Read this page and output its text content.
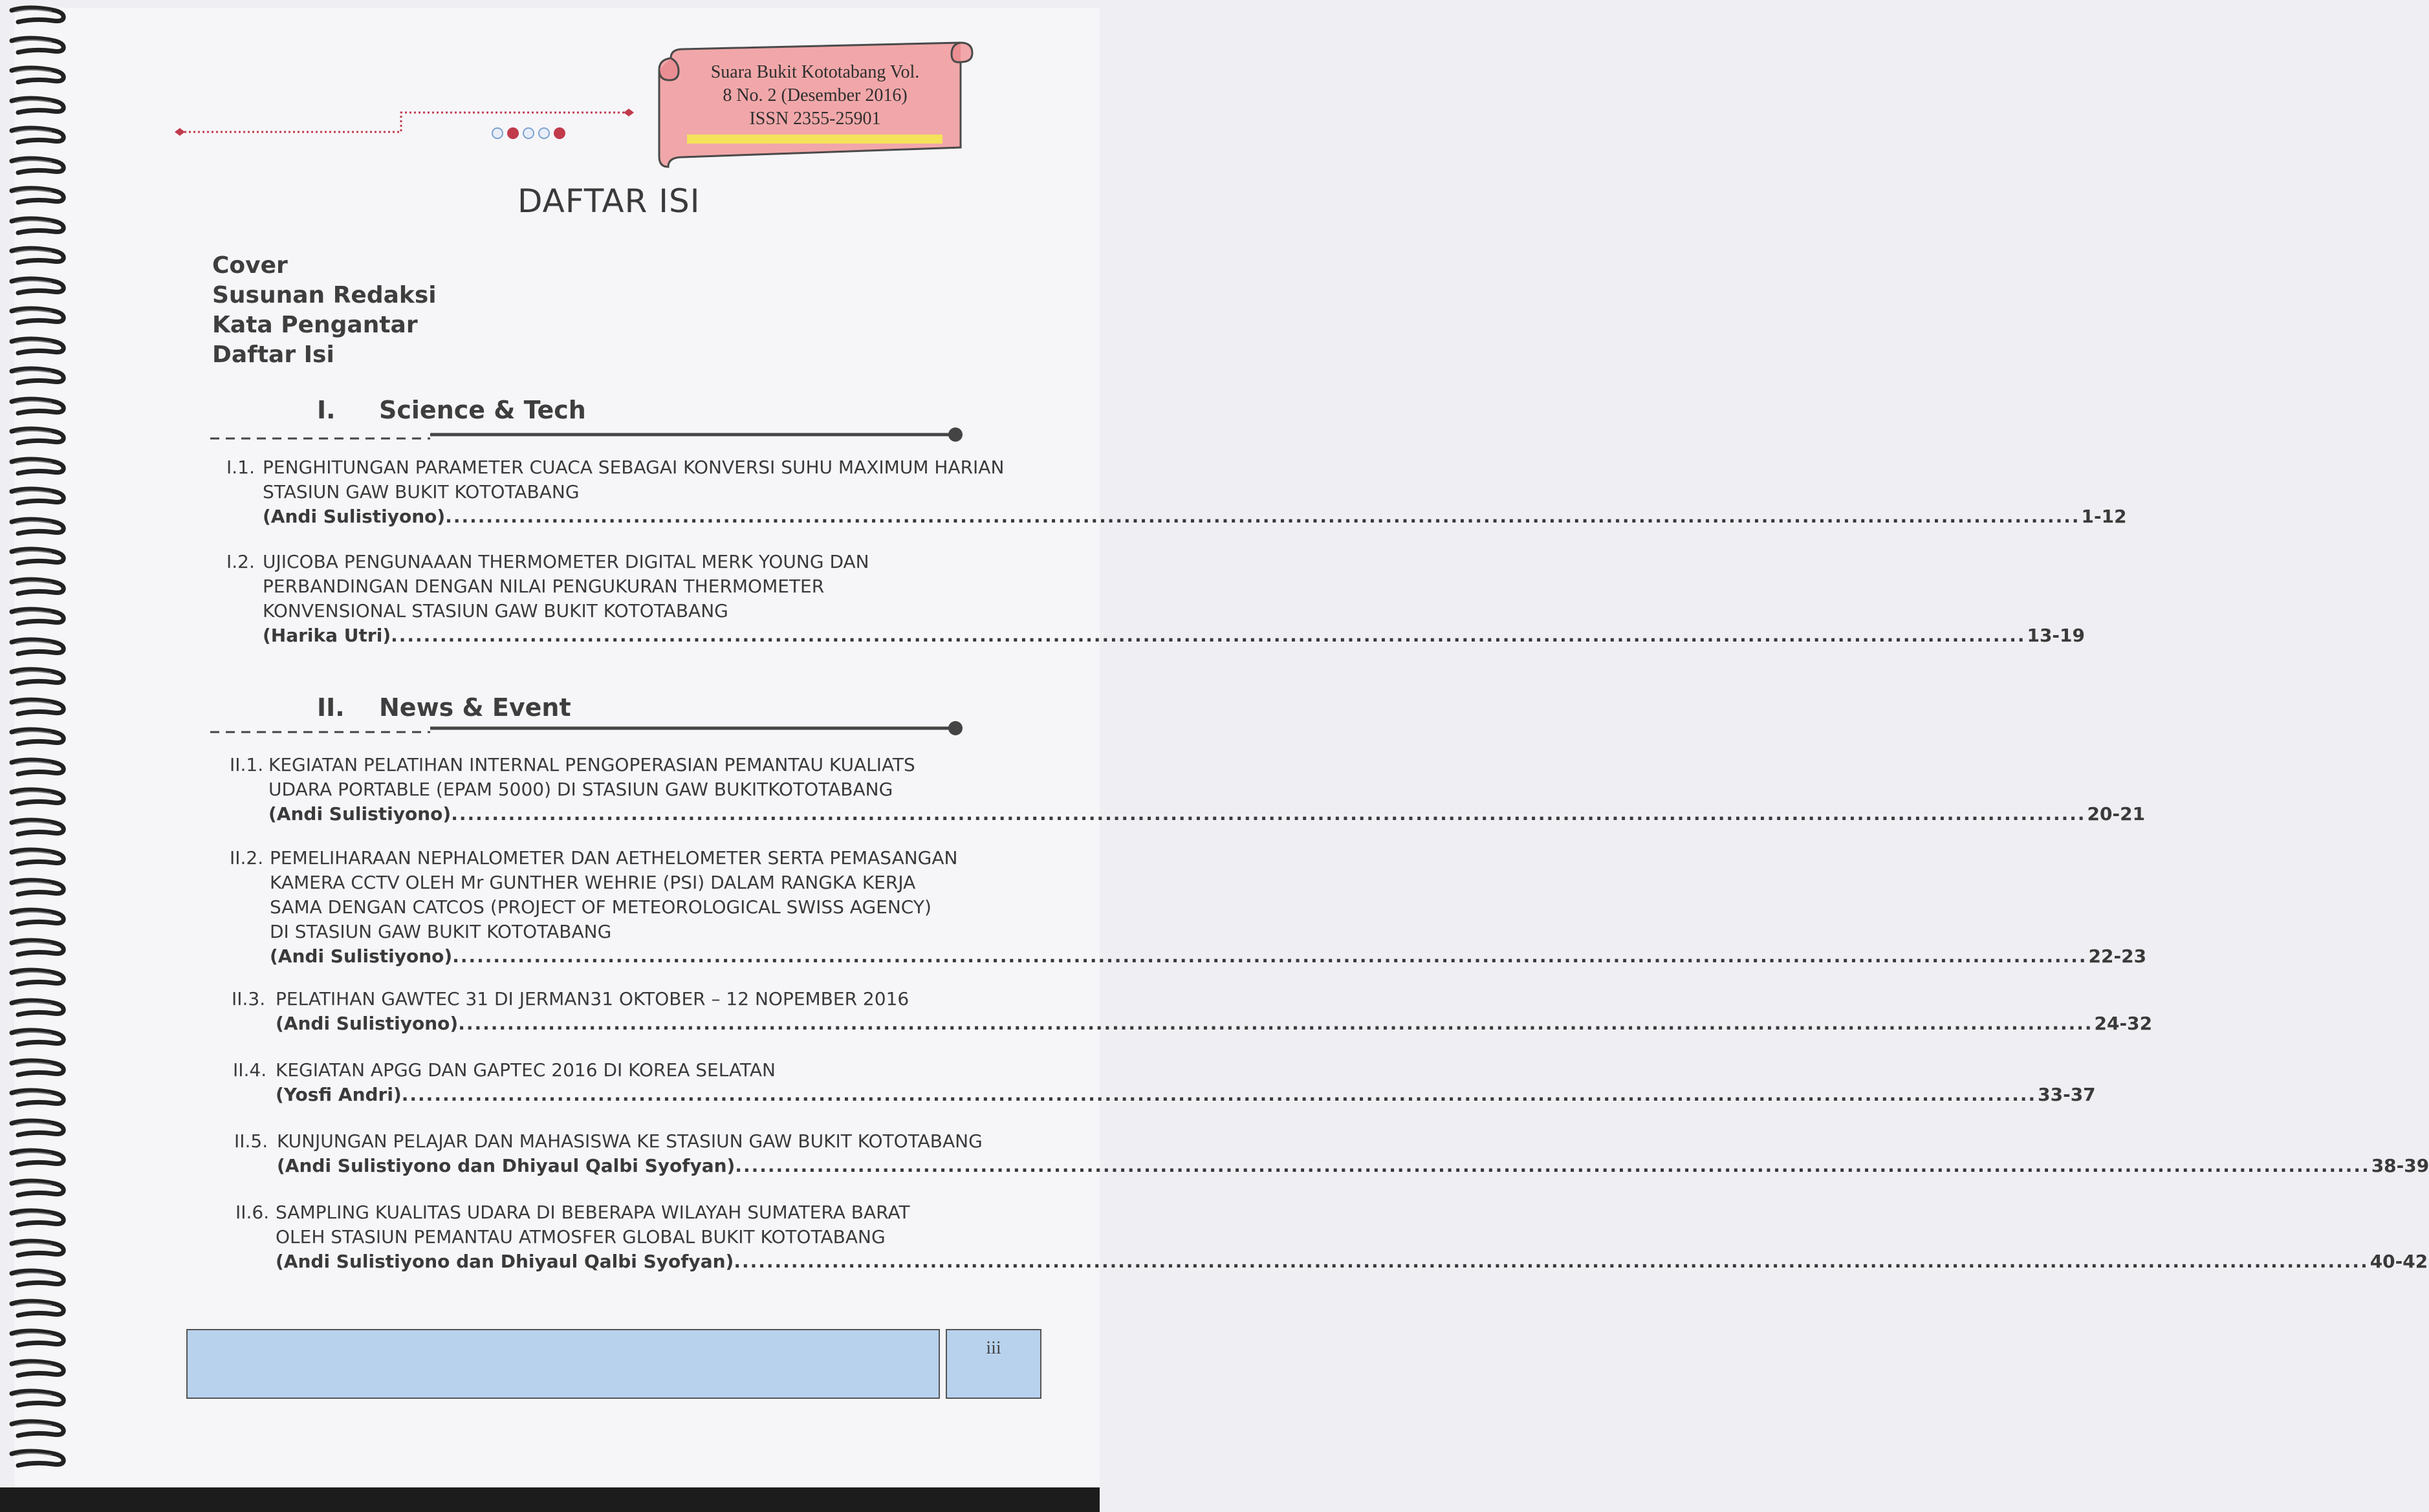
Suara Bukit Kototabang Vol.
8 No. 2 (Desember 2016)
ISSN 2355-25901
DAFTAR ISI
Cover
Susunan Redaksi
Kata Pengantar
Daftar Isi
I. Science & Tech
I.1. PENGHITUNGAN PARAMETER CUACA SEBAGAI KONVERSI SUHU MAXIMUM HARIAN
STASIUN GAW BUKIT KOTOTABANG
(Andi Sulistiyono) ........................................................................................................................................................................................................ 1-12
I.2. UJICOBA PENGUNAAAN THERMOMETER DIGITAL MERK YOUNG DAN
PERBANDINGAN DENGAN NILAI PENGUKURAN THERMOMETER
KONVENSIONAL STASIUN GAW BUKIT KOTOTABANG
(Harika Utri) ........................................................................................................................................................................................................ 13-19
II. News & Event
II.1. KEGIATAN PELATIHAN INTERNAL PENGOPERASIAN PEMANTAU KUALIATS
UDARA PORTABLE (EPAM 5000) DI STASIUN GAW BUKITKOTOTABANG
(Andi Sulistiyono) ........................................................................................................................................................................................................ 20-21
II.2. PEMELIHARAAN NEPHALOMETER DAN AETHELOMETER SERTA PEMASANGAN
KAMERA CCTV OLEH Mr GUNTHER WEHRIE (PSI) DALAM RANGKA KERJA
SAMA DENGAN CATCOS (PROJECT OF METEOROLOGICAL SWISS AGENCY)
DI STASIUN GAW BUKIT KOTOTABANG
(Andi Sulistiyono) ........................................................................................................................................................................................................ 22-23
II.3. PELATIHAN GAWTEC 31 DI JERMAN31 OKTOBER – 12 NOPEMBER 2016
(Andi Sulistiyono) ........................................................................................................................................................................................................ 24-32
II.4. KEGIATAN APGG DAN GAPTEC 2016 DI KOREA SELATAN
(Yosfi Andri) ........................................................................................................................................................................................................ 33-37
II.5. KUNJUNGAN PELAJAR DAN MAHASISWA KE STASIUN GAW BUKIT KOTOTABANG
(Andi Sulistiyono dan Dhiyaul Qalbi Syofyan) ........................................................................................................................................................................................................ 38-39
II.6. SAMPLING KUALITAS UDARA DI BEBERAPA WILAYAH SUMATERA BARAT
OLEH STASIUN PEMANTAU ATMOSFER GLOBAL BUKIT KOTOTABANG
(Andi Sulistiyono dan Dhiyaul Qalbi Syofyan) ........................................................................................................................................................................................................ 40-42
iii
